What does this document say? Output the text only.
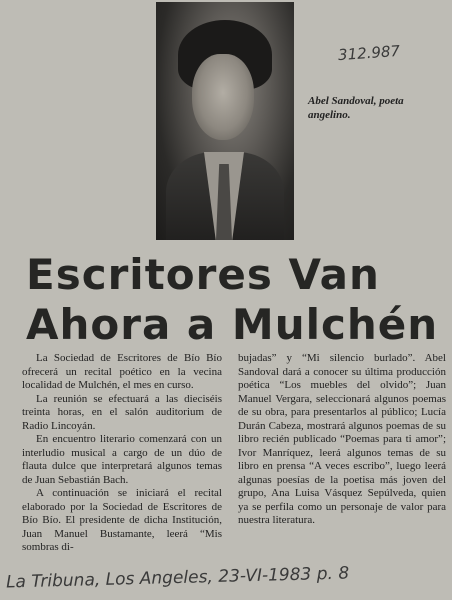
312.987
Abel Sandoval, poeta angelino.
Escritores Van
Ahora a Mulchén

La Sociedad de Escritores de Bío Bío ofrecerá un recital poético en la vecina localidad de Mulchén, el mes en curso.

La reunión se efectuará a las dieciséis treinta horas, en el salón auditorium de Radio Lincoyán.

En encuentro literario comenzará con un interludio musical a cargo de un dúo de flauta dulce que interpretará algunos temas de Juan Sebastián Bach.

A continuación se iniciará el recital elaborado por la Sociedad de Escritores de Bío Bío. El presidente de dicha Institución, Juan Manuel Bustamante, leerá “Mis sombras di-

bujadas” y “Mi silencio burlado”. Abel Sandoval dará a conocer su última producción poética “Los muebles del olvido”; Juan Manuel Vergara, seleccionará algunos poemas de su obra, para presentarlos al público; Lucía Durán Cabeza, mostrará algunos poemas de su libro recién publicado “Poemas para ti amor”; Ivor Manríquez, leerá algunos temas de su libro en prensa “A veces escribo”, luego leerá algunas poesías de la poetisa más joven del grupo, Ana Luisa Vásquez Sepúlveda, quien ya se perfila como un personaje de valor para nuestra literatura.

La Tribuna, Los Angeles, 23-VI-1983 p. 8
